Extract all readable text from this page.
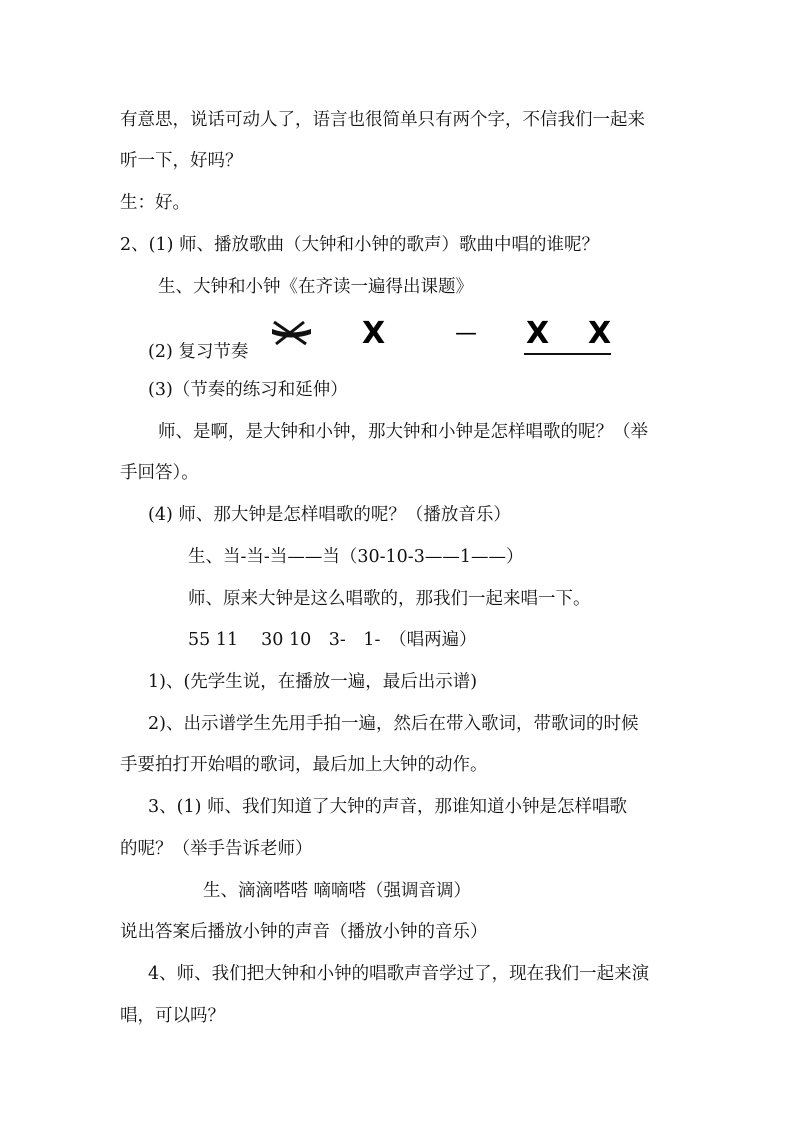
有意思，说话可动人了，语言也很简单只有两个字，不信我们一起来
听一下，好吗？
生：好。
2、(1) 师、播放歌曲（大钟和小钟的歌声）歌曲中唱的谁呢？
生、大钟和小钟《在齐读一遍得出课题》
(2) 复习节奏
X	— X X
(3)（节奏的练习和延伸）
师、是啊，是大钟和小钟，那大钟和小钟是怎样唱歌的呢？（举
手回答）。
(4) 师、那大钟是怎样唱歌的呢？（播放音乐）
生、当-当-当——当（30-10-3——1——）
师、原来大钟是这么唱歌的，那我们一起来唱一下。
55 11　 30 10　3-　1-　（唱两遍）
1)、(先学生说，在播放一遍，最后出示谱)
2)、出示谱学生先用手拍一遍，然后在带入歌词，带歌词的时候
手要拍打开始唱的歌词，最后加上大钟的动作。
3、(1) 师、我们知道了大钟的声音，那谁知道小钟是怎样唱歌
的呢？（举手告诉老师）
生、滴滴嗒嗒 嘀嘀嗒（强调音调）
说出答案后播放小钟的声音（播放小钟的音乐）
4、师、我们把大钟和小钟的唱歌声音学过了，现在我们一起来演
唱，可以吗？
